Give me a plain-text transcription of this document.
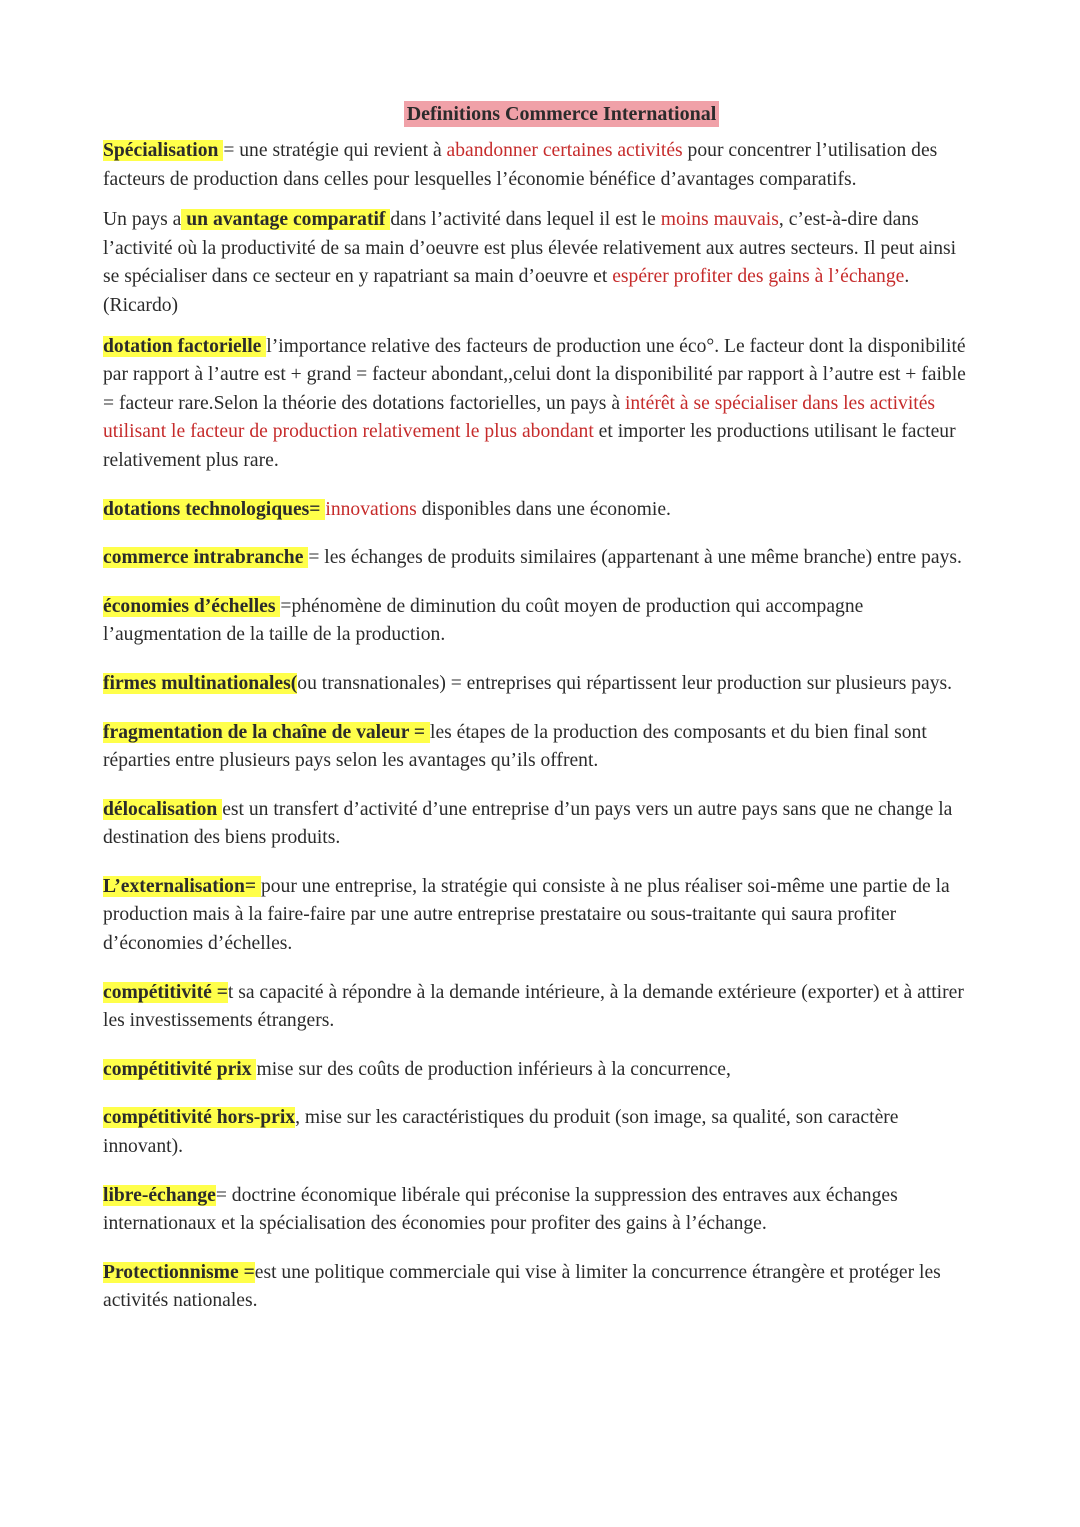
Definitions Commerce International

Spécialisation = une stratégie qui revient à abandonner certaines activités pour concentrer l’utilisation des facteurs de production dans celles pour lesquelles l’économie bénéfice d’avantages comparatifs.

Un pays a un avantage comparatif dans l’activité dans lequel il est le moins mauvais, c’est-à-dire dans l’activité où la productivité de sa main d’oeuvre est plus élevée relativement aux autres secteurs. Il peut ainsi se spécialiser dans ce secteur en y rapatriant sa main d’oeuvre et espérer profiter des gains à l’échange. (Ricardo)

dotation factorielle l’importance relative des facteurs de production une éco°. Le facteur dont la disponibilité par rapport à l’autre est + grand = facteur abondant,,celui dont la disponibilité par rapport à l’autre est + faible = facteur rare.Selon la théorie des dotations factorielles, un pays à intérêt à se spécialiser dans les activités utilisant le facteur de production relativement le plus abondant et importer les productions utilisant le facteur relativement plus rare.

dotations technologiques= innovations disponibles dans une économie.

commerce intrabranche = les échanges de produits similaires (appartenant à une même branche) entre pays.

économies d’échelles =phénomène de diminution du coût moyen de production qui accompagne l’augmentation de la taille de la production.

firmes multinationales(ou transnationales) = entreprises qui répartissent leur production sur plusieurs pays.

fragmentation de la chaîne de valeur = les étapes de la production des composants et du bien final sont réparties entre plusieurs pays selon les avantages qu’ils offrent.

délocalisation est un transfert d’activité d’une entreprise d’un pays vers un autre pays sans que ne change la destination des biens produits.

L’externalisation= pour une entreprise, la stratégie qui consiste à ne plus réaliser soi-même une partie de la production mais à la faire-faire par une autre entreprise prestataire ou sous-traitante qui saura profiter d’économies d’échelles.

compétitivité =t sa capacité à répondre à la demande intérieure, à la demande extérieure (exporter) et à attirer les investissements étrangers.

compétitivité prix mise sur des coûts de production inférieurs à la concurrence,

compétitivité hors-prix, mise sur les caractéristiques du produit (son image, sa qualité, son caractère innovant).

libre-échange= doctrine économique libérale qui préconise la suppression des entraves aux échanges internationaux et la spécialisation des économies pour profiter des gains à l’échange.

Protectionnisme =est une politique commerciale qui vise à limiter la concurrence étrangère et protéger les activités nationales.
